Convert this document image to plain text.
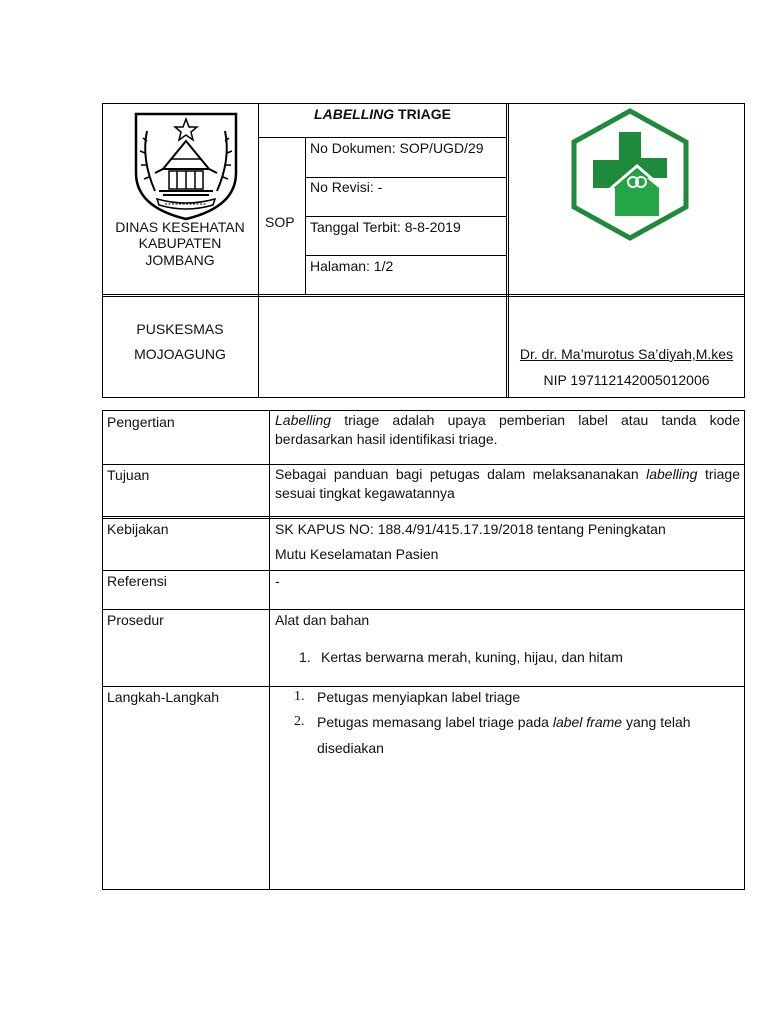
DINAS KESEHATAN
KABUPATEN
JOMBANG
LABELLING TRIAGE
SOP
No Dokumen: SOP/UGD/29
No Revisi: -
Tanggal Terbit: 8-8-2019
Halaman: 1/2
PUSKESMAS
MOJOAGUNG	Dr. dr. Ma’murotus Sa’diyah,M.kes
NIP 197112142005012006
Pengertian	Labelling triage adalah upaya pemberian label atau tanda kode berdasarkan hasil identifikasi triage.
Tujuan	Sebagai panduan bagi petugas dalam melaksananakan labelling triage sesuai tingkat kegawatannya
Kebijakan	SK KAPUS NO: 188.4/91/415.17.19/2018 tentang Peningkatan
Mutu Keselamatan Pasien
Referensi	-
Prosedur	Alat dan bahan
1. Kertas berwarna merah, kuning, hijau, dan hitam
Langkah-Langkah	1. Petugas menyiapkan label triage
2. Petugas memasang label triage pada label frame yang telah
disediakan
